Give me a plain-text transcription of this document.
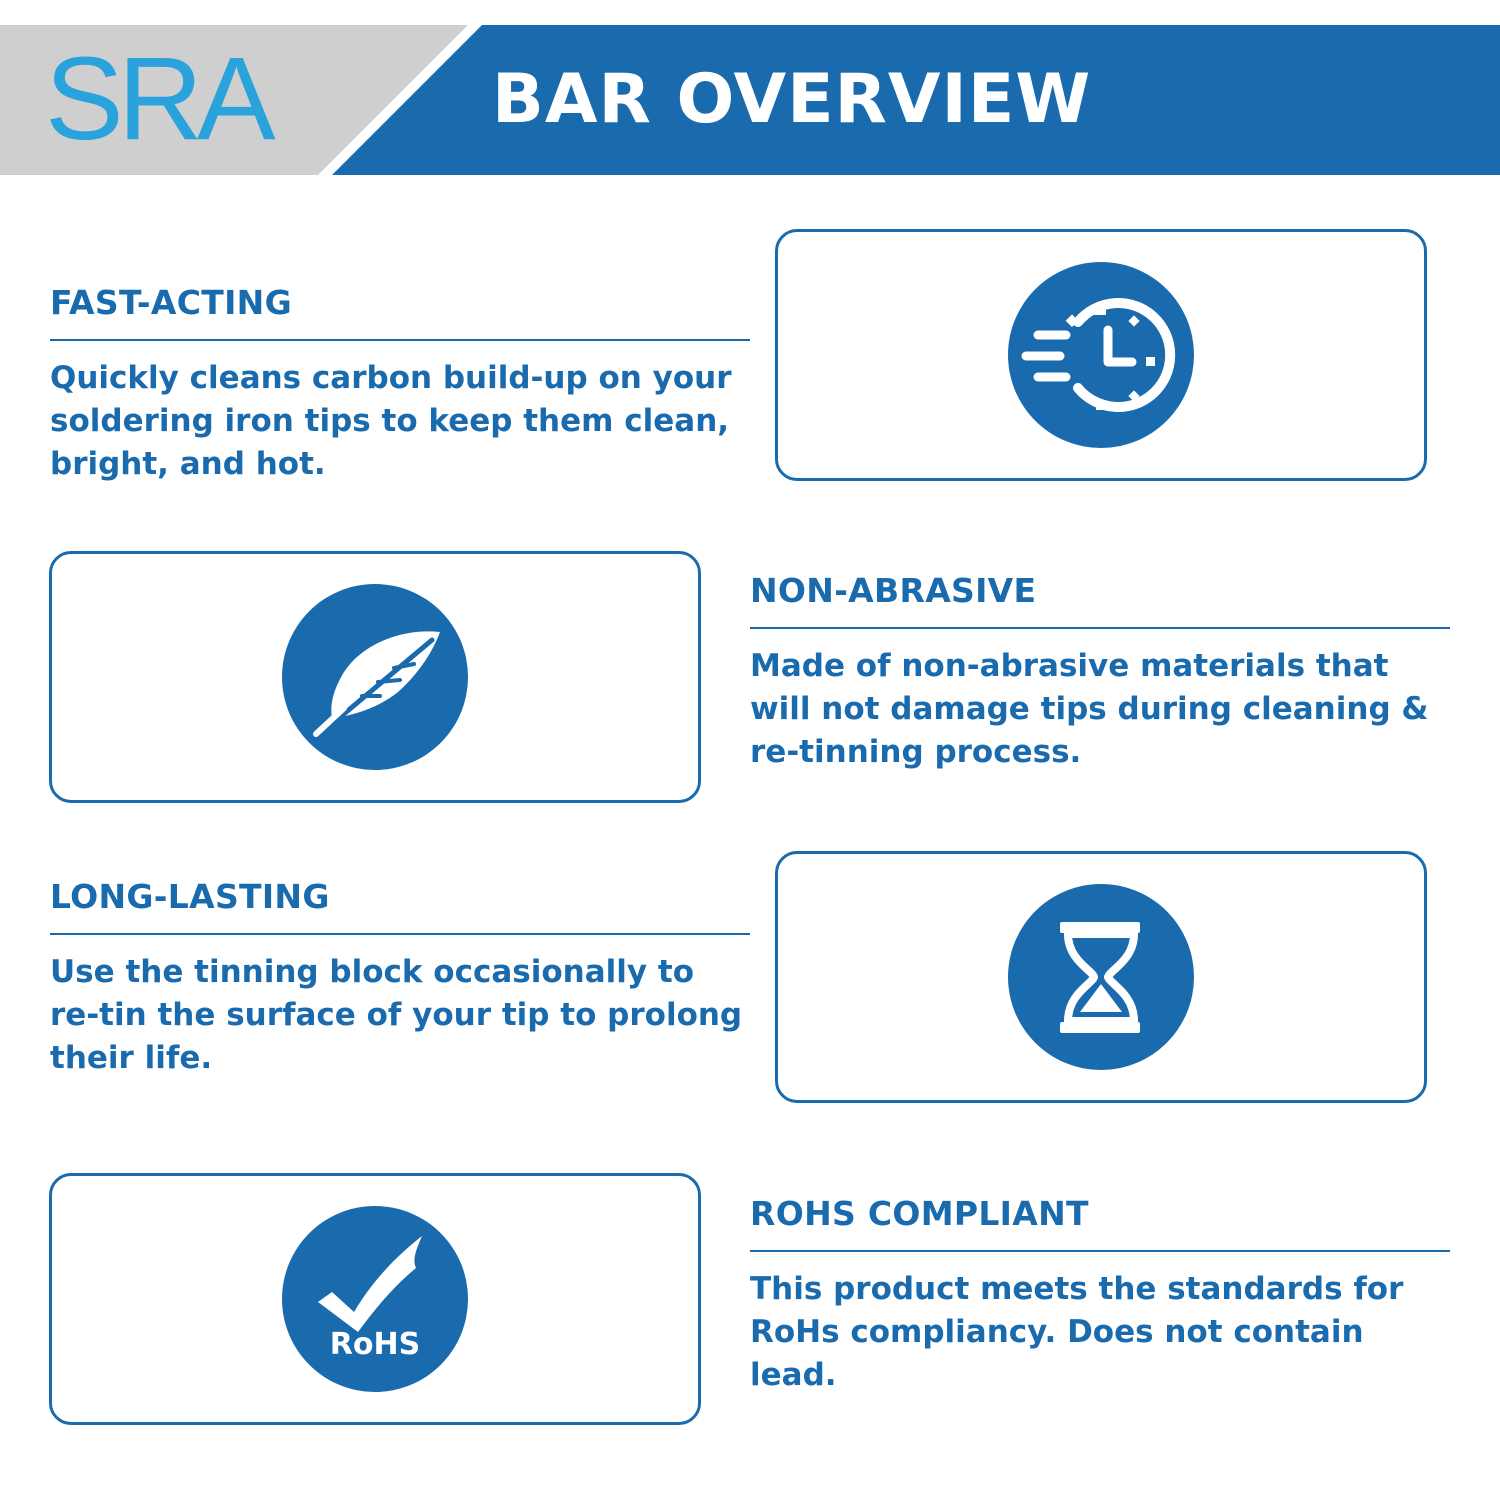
SRA	BAR OVERVIEW
FAST-ACTING
Quickly cleans carbon build-up on your soldering iron tips to keep them clean, bright, and hot.
NON-ABRASIVE
Made of non-abrasive materials that will not damage tips during cleaning & re-tinning process.
LONG-LASTING
Use the tinning block occasionally to re-tin the surface of your tip to prolong their life.
RoHS
ROHS COMPLIANT
This product meets the standards for RoHs compliancy. Does not contain lead.
